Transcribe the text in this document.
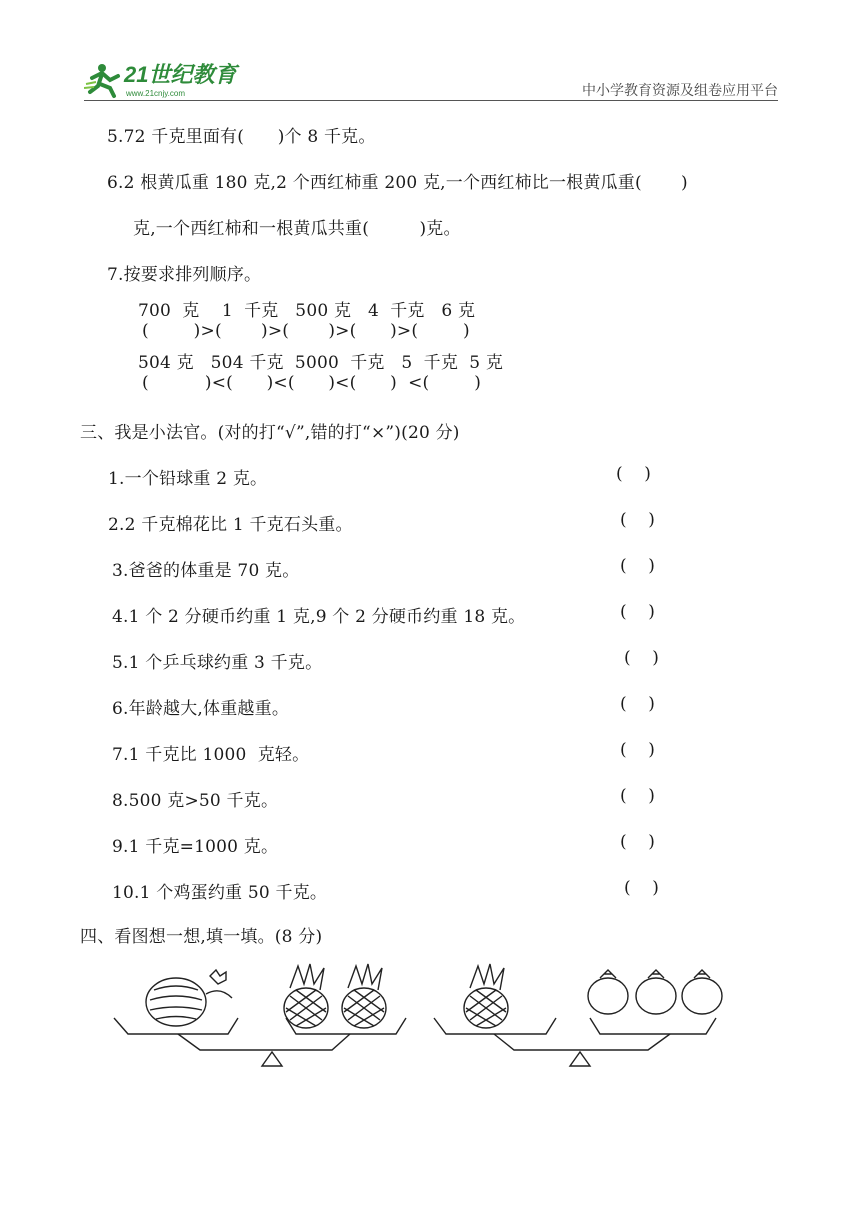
21世纪教育
www.21cnjy.com	中小学教育资源及组卷应用平台
5.72 千克里面有(      )个 8 千克。
6.2 根黄瓜重 180 克,2 个西红柿重 200 克,一个西红柿比一根黄瓜重(       )
克,一个西红柿和一根黄瓜共重(         )克。
7.按要求排列顺序。
700  克    1  千克   500 克   4  千克   6 克
(        )>(       )>(       )>(      )>(        )
504 克   504 千克  5000  千克   5  千克  5 克
(          )<(      )<(      )<(      )  <(        )
三、我是小法官。(对的打“√”,错的打“×”)(20 分)
1.一个铅球重 2 克。	(    )
2.2 千克棉花比 1 千克石头重。	(    )
3.爸爸的体重是 70 克。	(    )
4.1 个 2 分硬币约重 1 克,9 个 2 分硬币约重 18 克。	(    )
5.1 个乒乓球约重 3 千克。	(    )
6.年龄越大,体重越重。	(    )
7.1 千克比 1000  克轻。	(    )
8.500 克>50 千克。	(    )
9.1 千克=1000 克。	(    )
10.1 个鸡蛋约重 50 千克。	(    )
四、看图想一想,填一填。(8 分)
